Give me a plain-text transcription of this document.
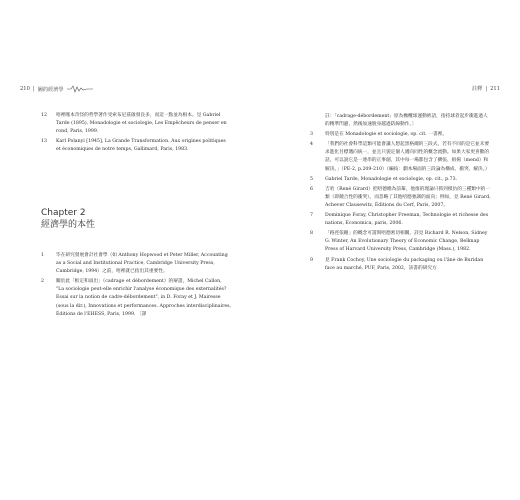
210 | 圖的經濟學
12 唔裡噻本奇怪的哲學著作受索布尼茲啟發良多，而這一點並為根本。見 Gabriel Tarde (1895), Monadologie et sociologie, Les Empêcheurs de penser en rond, Paris, 1999.
13 Karl Polanyi [1945], La Grande Transformation. Aux origines politiques et économiques de notre temps, Gallimard, Paris, 1983.
Chapter 2
經濟學的本性
1	毕在研究發展會計社會學（如 Anthony Hopwood et Peter Miller, Accounting as a Social and Institutional Practice, Cambridge University Press, Cambridge, 1994）之前，唔裡就已指出其重要性。
2	關於此「框定和溢出」（cadrage et débordement）的辯證，Michel Callon, "La sociologie peut-elle enrichir l'analyse économique des externalités? Essai sur la notion de cadre-débordement", in D. Foray et J. Mairesse (sous la dir.), Innovations et performances. Approches interdisciplinaires, Éditions de l'EHESS, Paris, 1999. 〔譯
註釋 | 211
註：「cadrage-débordement」原為橄欖球運動術語，指持球者起步衝進過人的精準閃避，然後加速脫身越過防線動作。〕
3	特別是在 Monadologie et sociologie, op. cit. 一書裡。
4	「我們的社會科學這類可能會讓人想起黑格爾的三段式，若有不同的是它並未要求進化目標邁向統一，並且只貌定個人邁向同性的概念流動。如果大家更喜歡的話，可以說它是一連串的正事創，其中每一場都包含了擴張、組揚（mend）和解決。」（PE-2, p.209-210）（編按：劇本場面的三段論為構成、衝突、解決。）
5	Gabriel Tarde, Monadologie et sociologie, op. cit., p.73.
6	吉哈（René Girard）把唔德總為前輩，他推的理論只抓到模仿的三種類中的一類（即競合性的衝突）。而忽略了其他唔德強調的面向；例如，見 René Girard, Achever Clausewitz, Éditions du Cerf, Paris, 2007。
7	Dominique Foray, Christopher Freeman, Technologie et richesse des nations, Economica, paris, 2006.
8	「路徑依賴」的概念可謂與唔德密切相關，詳見 Richard R. Nelson, Sidney G. Winter, An Evolutionary Theory of Economic Change, Belknap Press of Harvard University Press, Cambridge (Mass.), 1982.
9	見 Frank Cochoy, Une sociologie du packaging ou l'âne de Buridan face au marché, PUF, Paris, 2002，該書的研究方
